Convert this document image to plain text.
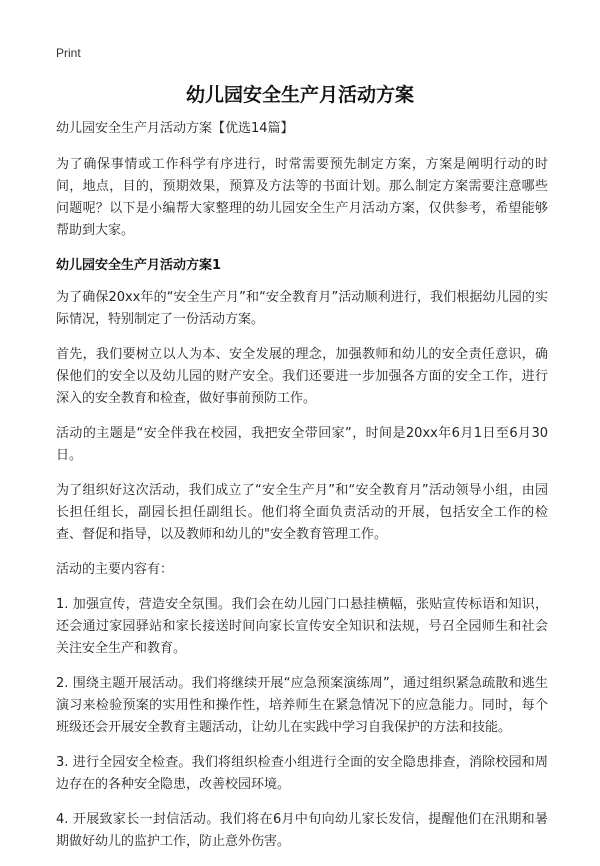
Print
幼儿园安全生产月活动方案

幼儿园安全生产月活动方案【优选14篇】

为了确保事情或工作科学有序进行，时常需要预先制定方案，方案是阐明行动的时间，地点，目的，预期效果，预算及方法等的书面计划。那么制定方案需要注意哪些问题呢？以下是小编帮大家整理的幼儿园安全生产月活动方案，仅供参考，希望能够帮助到大家。

幼儿园安全生产月活动方案1

为了确保20xx年的“安全生产月”和“安全教育月”活动顺利进行，我们根据幼儿园的实际情况，特别制定了一份活动方案。

首先，我们要树立以人为本、安全发展的理念，加强教师和幼儿的安全责任意识，确保他们的安全以及幼儿园的财产安全。我们还要进一步加强各方面的安全工作，进行深入的安全教育和检查，做好事前预防工作。

活动的主题是“安全伴我在校园，我把安全带回家”，时间是20xx年6月1日至6月30日。

为了组织好这次活动，我们成立了“安全生产月”和“安全教育月”活动领导小组，由园长担任组长，副园长担任副组长。他们将全面负责活动的开展，包括安全工作的检查、督促和指导，以及教师和幼儿的"安全教育管理工作。

活动的主要内容有：

1. 加强宣传，营造安全氛围。我们会在幼儿园门口悬挂横幅，张贴宣传标语和知识，还会通过家园驿站和家长接送时间向家长宣传安全知识和法规，号召全园师生和社会关注安全生产和教育。

2. 围绕主题开展活动。我们将继续开展“应急预案演练周”，通过组织紧急疏散和逃生演习来检验预案的实用性和操作性，培养师生在紧急情况下的应急能力。同时，每个班级还会开展安全教育主题活动，让幼儿在实践中学习自我保护的方法和技能。

3. 进行全园安全检查。我们将组织检查小组进行全面的安全隐患排查，消除校园和周边存在的各种安全隐患，改善校园环境。

4. 开展致家长一封信活动。我们将在6月中旬向幼儿家长发信，提醒他们在汛期和暑期做好幼儿的监护工作，防止意外伤害。
